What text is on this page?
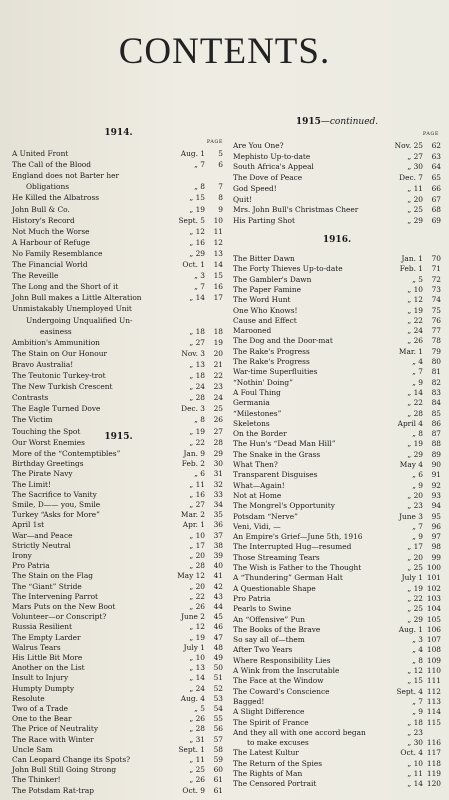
CONTENTS.
1914.
PAGE
A United Front	Aug. 1	5
The Call of the Blood	„ 7	6
England does not Barter her
Obligations	„ 8	7
He Killed the Albatross	„ 15	8
John Bull & Co.	„ 19	9
History's Record	Sept. 5	10
Not Much the Worse	„ 12	11
A Harbour of Refuge	„ 16	12
No Family Resemblance	„ 29	13
The Financial World	Oct. 1	14
The Reveille	„ 3	15
The Long and the Short of it	„ 7	16
John Bull makes a Little Alteration	„ 14	17
Unmistakably Unemployed Unit
Undergoing Unqualified Un-
easiness	„ 18	18
Ambition's Ammunition	„ 27	19
The Stain on Our Honour	Nov. 3	20
Bravo Australia!	„ 13	21
The Teutonic Turkey-trot	„ 18	22
The New Turkish Crescent	„ 24	23
Contrasts	„ 28	24
The Eagle Turned Dove	Dec. 3	25
The Victim	„ 8	26
Touching the Spot	„ 19	27
Our Worst Enemies	„ 22	28
1915.
More of the “Contemptibles”	Jan. 9	29
Birthday Greetings	Feb. 2	30
The Pirate Navy	„ 6	31
The Limit!	„ 11	32
The Sacrifice to Vanity	„ 16	33
Smile, D—— you, Smile	„ 27	34
Turkey “Asks for More”	Mar. 2	35
April 1st	Apr. 1	36
War—and Peace	„ 10	37
Strictly Neutral	„ 17	38
Irony	„ 20	39
Pro Patria	„ 28	40
The Stain on the Flag	May 12	41
The “Giant” Stride	„ 20	42
The Intervening Parrot	„ 22	43
Mars Puts on the New Boot	„ 26	44
Volunteer—or Conscript?	June 2	45
Russia Resilient	„ 12	46
The Empty Larder	„ 19	47
Walrus Tears	July 1	48
His Little Bit More	„ 10	49
Another on the List	„ 13	50
Insult to Injury	„ 14	51
Humpty Dumpty	„ 24	52
Resolute	Aug. 4	53
Two of a Trade	„ 5	54
One to the Bear	„ 26	55
The Price of Neutrality	„ 28	56
The Race with Winter	„ 31	57
Uncle Sam	Sept. 1	58
Can Leopard Change its Spots?	„ 11	59
John Bull Still Going Strong	„ 25	60
The Thinker!	„ 26	61
The Potsdam Rat-trap	Oct. 9	61
1915—continued.
PAGE
Are You One?	Nov. 25	62
Mephisto Up-to-date	„ 27	63
South Africa's Appeal	„ 30	64
The Dove of Peace	Dec. 7	65
God Speed!	„ 11	66
Quit!	„ 20	67
Mrs. John Bull's Christmas Cheer	„ 25	68
His Parting Shot	„ 29	69
1916.
The Bitter Dawn	Jan. 1	70
The Forty Thieves Up-to-date	Feb. 1	71
The Gambler's Dawn	„ 5	72
The Paper Famine	„ 10	73
The Word Hunt	„ 12	74
One Who Knows!	„ 19	75
Cause and Effect	„ 22	76
Marooned	„ 24	77
The Dog and the Door-mat	„ 26	78
The Rake's Progress	Mar. 1	79
The Rake's Progress	„ 4	80
War-time Superfluities	„ 7	81
“Nothin' Doing”	„ 9	82
A Foul Thing	„ 14	83
Germania	„ 22	84
“Milestones”	„ 28	85
Skeletons	April 4	86
On the Border	„ 8	87
The Hun's “Dead Man Hill”	„ 19	88
The Snake in the Grass	„ 29	89
What Then?	May 4	90
Transparent Disguises	„ 6	91
What—Again!	„ 9	92
Not at Home	„ 20	93
The Mongrel's Opportunity	„ 23	94
Potsdam “Nerve”	June 3	95
Veni, Vidi, —	„ 7	96
An Empire's Grief—June 5th, 1916	„ 9	97
The Interrupted Hug—resumed	„ 17	98
Those Streaming Tears	„ 20	99
The Wish is Father to the Thought	„ 25 100
A “Thundering” German Halt	July 1 101
A Questionable Shape	„ 19 102
Pro Patria	„ 22 103
Pearls to Swine	„ 25 104
An “Offensive” Pun	„ 29 105
The Books of the Brave	Aug. 1 106
So say all of—them	„ 3 107
After Two Years	„ 4 108
Where Responsibility Lies	„ 8 109
A Wink from the Inscrutable	„ 12 110
The Face at the Window	„ 15 111
The Coward's Conscience	Sept. 4 112
Bagged!	„ 7 113
A Slight Difference	„ 9 114
The Spirit of France	„ 18 115
And they all with one accord began	„ 23
to make excuses	„ 30 116
The Latest Kultur	Oct. 4 117
The Return of the Spies	„ 10 118
The Rights of Man	„ 11 119
The Censored Portrait	„ 14 120
